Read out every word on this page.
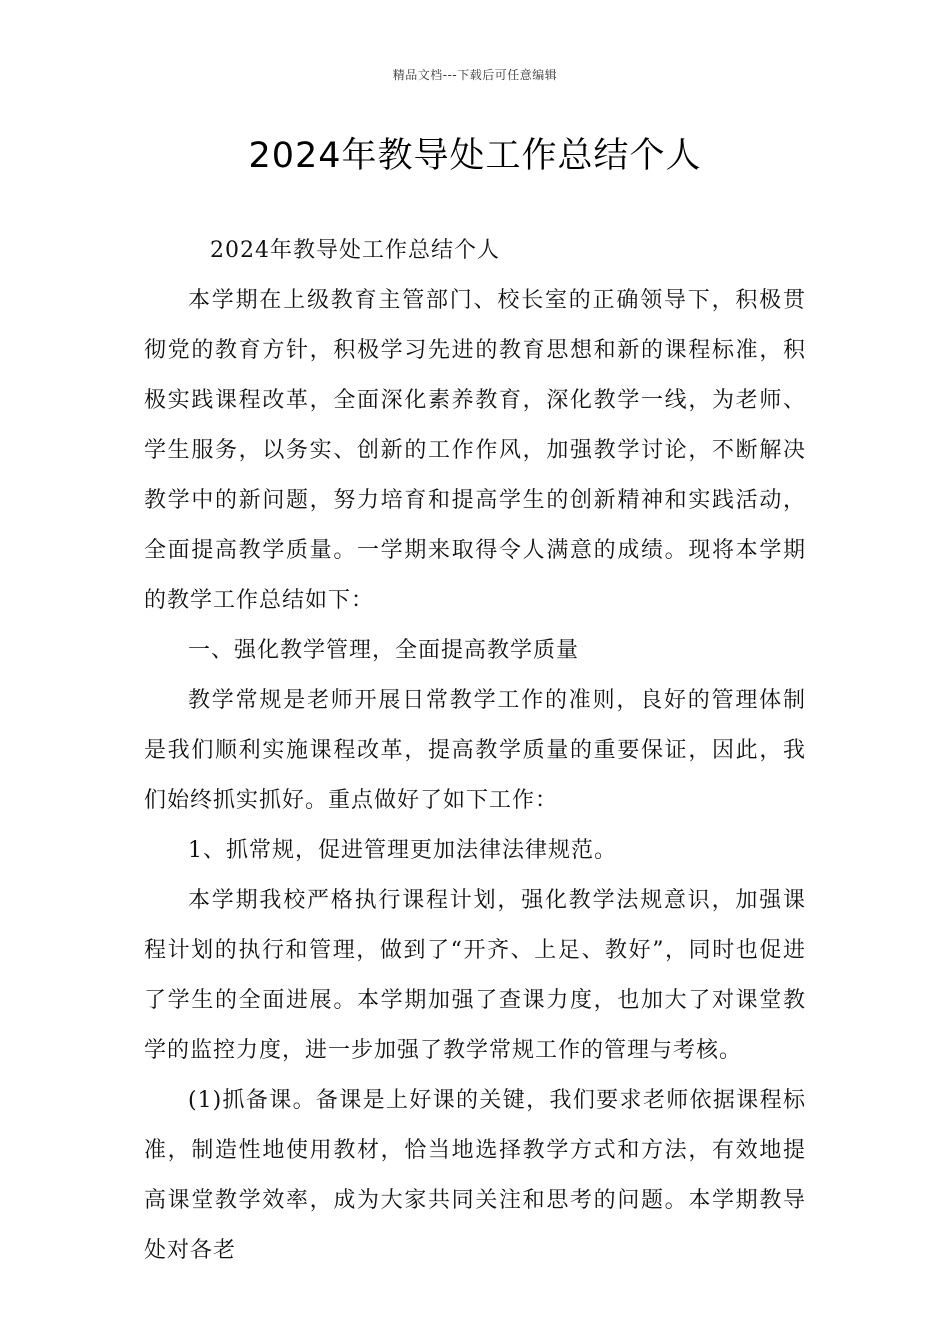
精品文档---下载后可任意编辑
2024年教导处工作总结个人

2024年教导处工作总结个人

本学期在上级教育主管部门、校长室的正确领导下，积极贯彻党的教育方针，积极学习先进的教育思想和新的课程标准，积极实践课程改革，全面深化素养教育，深化教学一线，为老师、学生服务，以务实、创新的工作作风，加强教学讨论，不断解决教学中的新问题，努力培育和提高学生的创新精神和实践活动，全面提高教学质量。一学期来取得令人满意的成绩。现将本学期的教学工作总结如下：

一、强化教学管理，全面提高教学质量

教学常规是老师开展日常教学工作的准则，良好的管理体制是我们顺利实施课程改革，提高教学质量的重要保证，因此，我们始终抓实抓好。重点做好了如下工作：

1、抓常规，促进管理更加法律法律规范。

本学期我校严格执行课程计划，强化教学法规意识，加强课程计划的执行和管理，做到了“开齐、上足、教好”，同时也促进了学生的全面进展。本学期加强了查课力度，也加大了对课堂教学的监控力度，进一步加强了教学常规工作的管理与考核。

(1)抓备课。备课是上好课的关键，我们要求老师依据课程标准，制造性地使用教材，恰当地选择教学方式和方法，有效地提高课堂教学效率，成为大家共同关注和思考的问题。本学期教导处对各老
